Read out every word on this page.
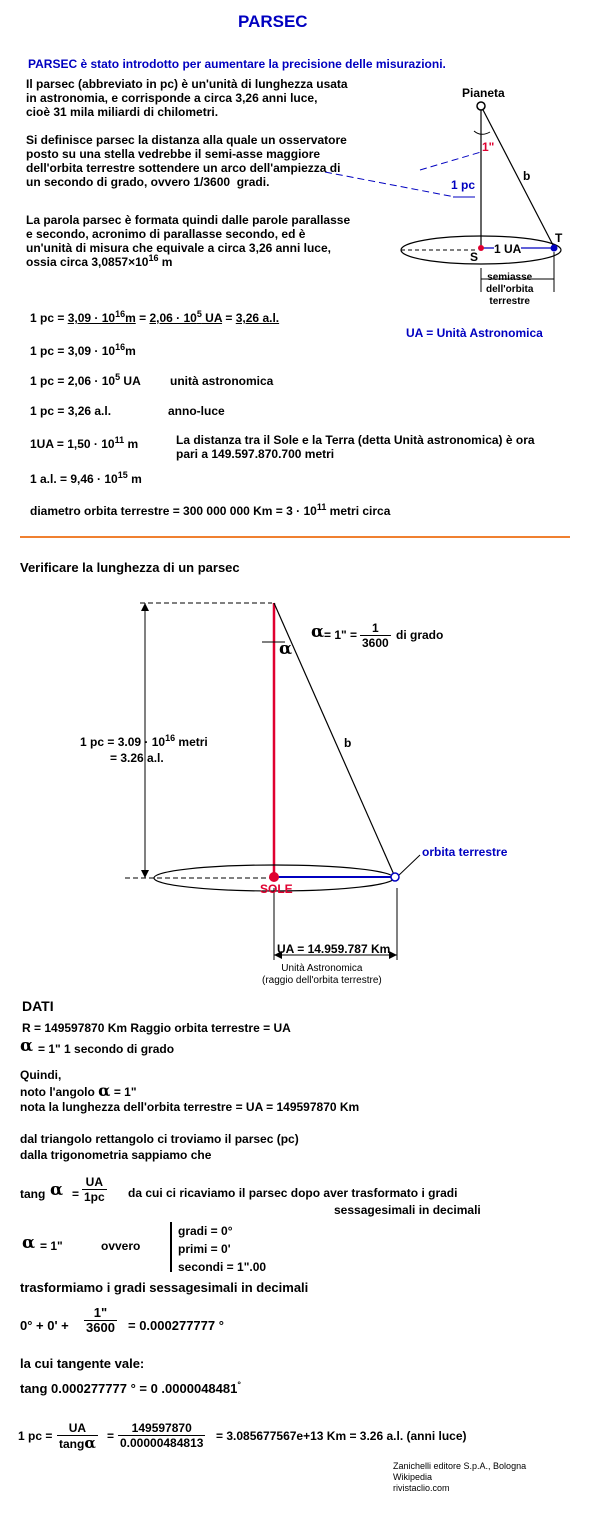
PARSEC
PARSEC è stato introdotto per aumentare la precisione delle misurazioni.
Il parsec (abbreviato in pc) è un'unità di lunghezza usata
in astronomia, e corrisponde a circa 3,26 anni luce,
cioè 31 mila miliardi di chilometri.
Si definisce parsec la distanza alla quale un osservatore
posto su una stella vedrebbe il semi-asse maggiore
dell'orbita terrestre sottendere un arco dell'ampiezza di
un secondo di grado, ovvero 1/3600  gradi.
La parola parsec è formata quindi dalle parole parallasse
e secondo, acronimo di parallasse secondo, ed è
un'unità di misura che equivale a circa 3,26 anni luce,
ossia circa $3,0857\times 10^{16}$ m
Pianeta
1"
1 pc
b
T
S
1 UA
semiasse
dell'orbita
terrestre
UA = Unità Astronomica
1 pc = $3,09 \cdot 10^{16}m = 2,06 \cdot 10^5$ UA = 3,26 a.l.
1 pc = $3,09 \cdot 10^{16}m$
1 pc = $2,06 \cdot 10^5$ UA unità astronomica
1 pc = 3,26 a.l.	anno-luce
$1UA = 1,50 \cdot 10^{11}$ m	La distanza tra il Sole e la Terra (detta Unità astronomica) è ora
pari a 149.597.870.700 metri
1 a.l. = $9,46 \cdot 10^{15}$ m
diametro orbita terrestre = 300 000 000 $Km = 3 \cdot 10^{11}$ metri circa
Verificare la lunghezza di un parsec
α = 1" = $\frac{1}{3600}$ di grado
α
1 pc = $3.09 \cdot 10^{16}$ metri
= 3.26 a.l.
b
orbita terrestre
SOLE
UA = 14.959.787 Km
Unità Astronomica
(raggio dell'orbita terrestre)
DATI
R = 149597870 Km Raggio orbita terrestre = UA
α = 1" 1 secondo di grado
Quindi,
noto l'angolo α = 1"
nota la lunghezza dell'orbita terrestre = UA = 149597870 Km
dal triangolo rettangolo ci troviamo il parsec (pc)
dalla trigonometria sappiamo che
tang $\alpha = \frac{UA}{1pc}$ da cui ci ricaviamo il parsec dopo aver trasformato i gradi
sessagesimali in decimali
α = 1"	ovvero
gradi = 0°
primi = 0'
secondi = 1".00
trasformiamo i gradi sessagesimali in decimali
$0^\circ + 0' + \frac{1"}{3600} = 0.000277777$ °
la cui tangente vale:
tang 0.000277777 ° = 0 .0000048481°
1 pc = $\frac{UA}{\tan g\alpha} = \frac{149597870}{0.00000484813} = 3.085677567e+13$ Km = 3.26 a.l. (anni luce)
Zanichelli editore S.p.A., Bologna
Wikipedia
rivistaclio.com
